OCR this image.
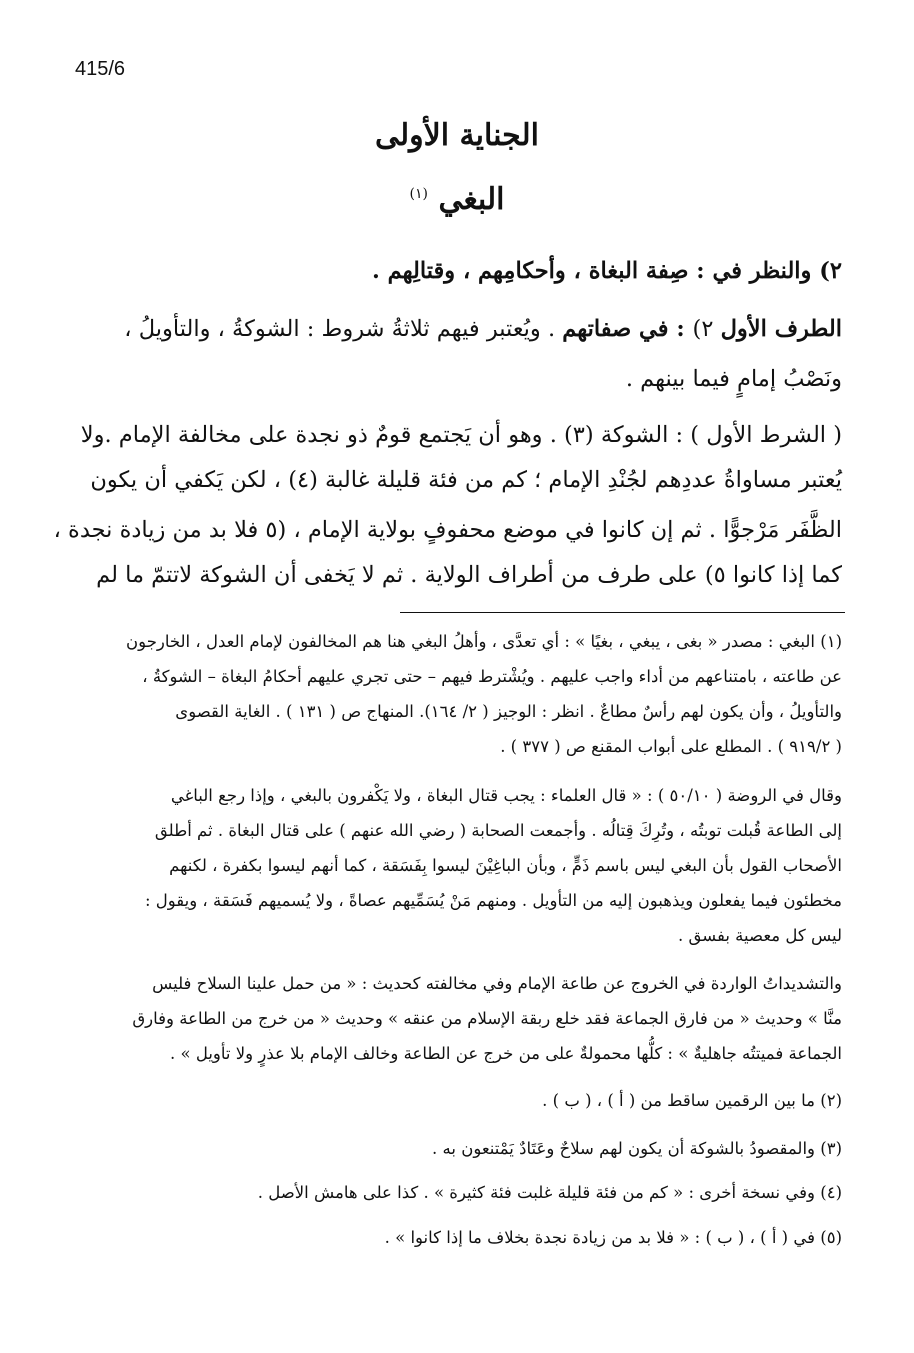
415/6
الجناية الأولى
البغي $^{(١)}$
٢) والنظر في : صِفة البغاة ، وأحكامِهم ، وقتالِهم .
الطرف الأول ٢) : في صفاتهم . ويُعتبر فيهم ثلاثةُ شروط : الشوكةُ ، والتأويلُ ،
ونَصْبُ إمامٍ فيما بينهم .
( الشرط الأول ) : الشوكة (٣) . وهو أن يَجتمع قومٌ ذو نجدة على مخالفة الإمام .ولا
يُعتبر مساواةُ عددِهم لجُنْدِ الإمام ؛ كم من فئة قليلة غالبة (٤) ، لكن يَكفي أن يكون
الظَّفَر مَرْجوًّا . ثم إن كانوا في موضع محفوفٍ بولاية الإمام ، (٥ فلا بد من زيادة نجدة ،
كما إذا كانوا ٥) على طرف من أطراف الولاية . ثم لا يَخفى أن الشوكة لاتتمّ ما لم
(١) البغي : مصدر « بغى ، يبغي ، بغيًا » : أي تعدَّى ، وأهلُ البغي هنا هم المخالفون لإمام العدل ، الخارجون
عن طاعته ، بامتناعهم من أداء واجب عليهم . ويُشْترط فيهم – حتى تجري عليهم أحكامُ البغاة – الشوكةُ ،
والتأويلُ ، وأن يكون لهم رأسٌ مطاعٌ . انظر : الوجيز ( ٢/ ١٦٤). المنهاج ص ( ١٣١ ) . الغاية القصوى
( ٩١٩/٢ ) . المطلع على أبواب المقنع ص ( ٣٧٧ ) .
وقال في الروضة ( ٥٠/١٠ ) : « قال العلماء : يجب قتال البغاة ، ولا يَكْفرون بالبغي ، وإذا رجع الباغي
إلى الطاعة قُبلت توبتُه ، وتُرِكَ قِتالُه . وأجمعت الصحابة ( رضي الله عنهم ) على قتال البغاة . ثم أطلق
الأصحاب القول بأن البغي ليس باسم ذَمٍّ ، وبأن الباغِيْنَ ليسوا بِفَسَقة ، كما أنهم ليسوا بكفرة ، لكنهم
مخطئون فيما يفعلون ويذهبون إليه من التأويل . ومنهم مَنْ يُسَمِّيهم عصاةً ، ولا يُسميهم فَسَقة ، ويقول :
ليس كل معصية بفسق .
والتشديداتُ الواردة في الخروج عن طاعة الإمام وفي مخالفته كحديث : « من حمل علينا السلاح فليس
منَّا » وحديث « من فارق الجماعة فقد خلع ربقة الإسلام من عنقه » وحديث « من خرج من الطاعة وفارق
الجماعة فميتتُه جاهليةٌ » : كلُّها محمولةٌ على من خرج عن الطاعة وخالف الإمام بلا عذرٍ ولا تأويل » .
(٢) ما بين الرقمين ساقط من ( أ ) ، ( ب ) .
(٣) والمقصودُ بالشوكة أن يكون لهم سلاحٌ وعَتَادٌ يَمْتنعون به .
(٤) وفي نسخة أخرى : « كم من فئة قليلة غلبت فئة كثيرة » . كذا على هامش الأصل .
(٥) في ( أ ) ، ( ب ) : « فلا بد من زيادة نجدة بخلاف ما إذا كانوا » .
